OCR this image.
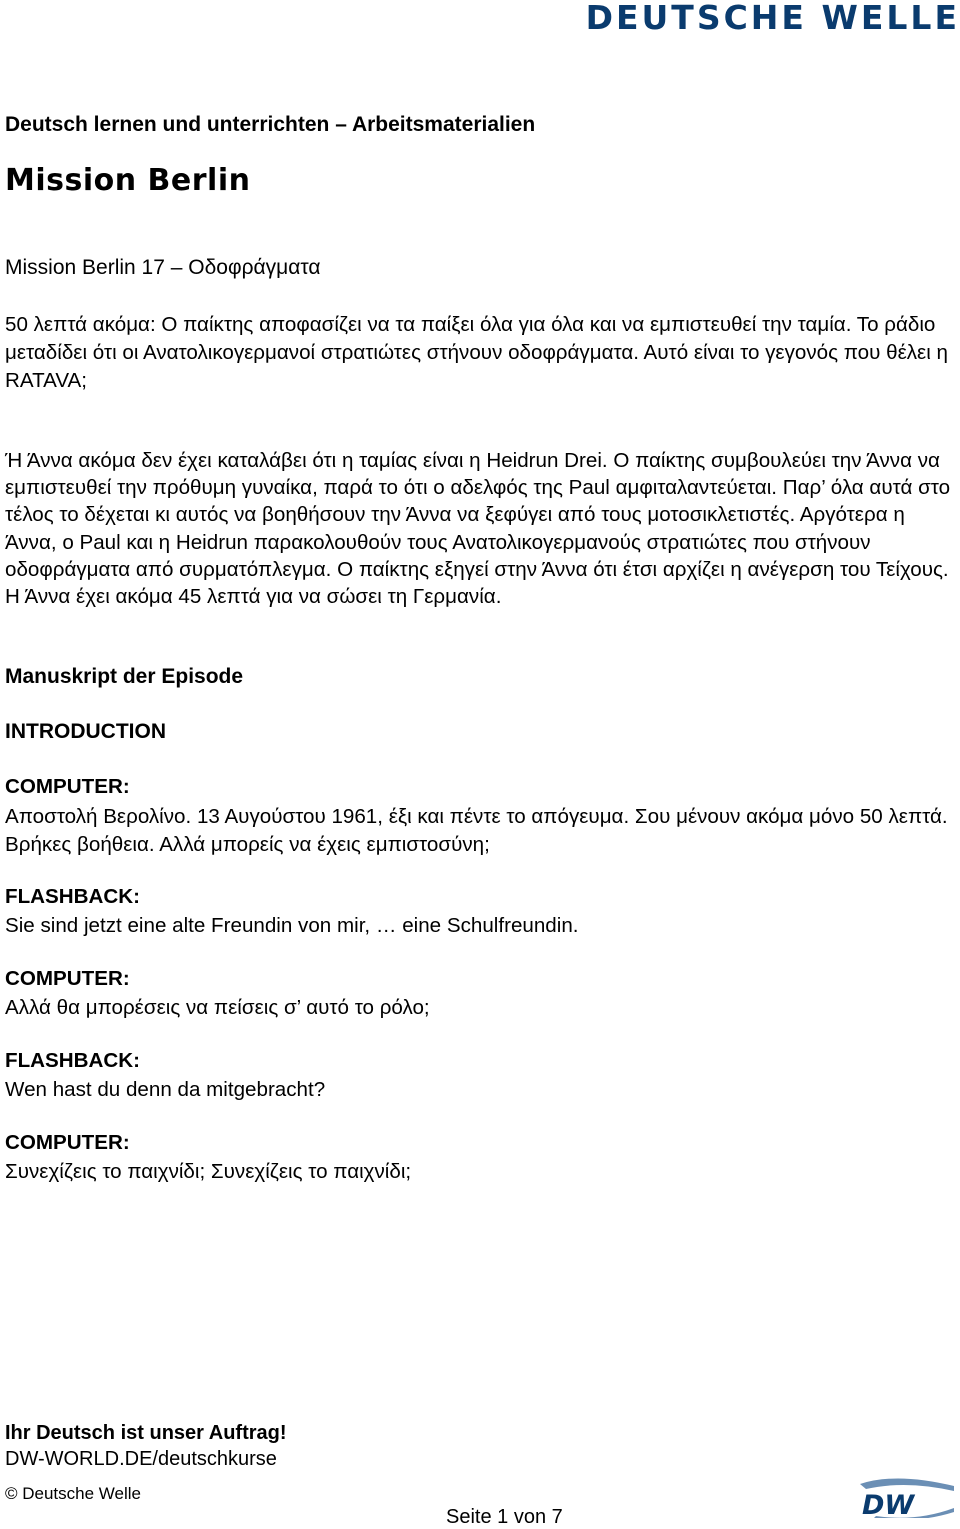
DEUTSCHE WELLE
Deutsch lernen und unterrichten – Arbeitsmaterialien
Mission Berlin
Mission Berlin 17 – Οδοφράγματα
50 λεπτά ακόμα: Ο παίκτης αποφασίζει να τα παίξει όλα για όλα και να εμπιστευθεί την ταμία. Το ράδιο μεταδίδει ότι οι Ανατολικογερμανοί στρατιώτες στήνουν οδοφράγματα. Αυτό είναι το γεγονός που θέλει η RATAVA;
Ή Άννα ακόμα δεν έχει καταλάβει ότι η ταμίας είναι η Heidrun Drei. Ο παίκτης συμβουλεύει την Άννα να εμπιστευθεί την πρόθυμη γυναίκα, παρά το ότι ο αδελφός της Paul αμφιταλαντεύεται. Παρ’ όλα αυτά στο τέλος το δέχεται κι αυτός να βοηθήσουν την Άννα να ξεφύγει από τους μοτοσικλετιστές. Αργότερα η Άννα, ο Paul και η Heidrun παρακολουθούν τους Ανατολικογερμανούς στρατιώτες που στήνουν οδοφράγματα από συρματόπλεγμα. Ο παίκτης εξηγεί στην Άννα ότι έτσι αρχίζει η ανέγερση του Τείχους. Η Άννα έχει ακόμα 45 λεπτά για να σώσει τη Γερμανία.
Manuskript der Episode
INTRODUCTION
COMPUTER:
Αποστολή Βερολίνο. 13 Αυγούστου 1961, έξι και πέντε το απόγευμα. Σου μένουν ακόμα μόνο 50 λεπτά. Βρήκες βοήθεια. Αλλά μπορείς να έχεις εμπιστοσύνη;
FLASHBACK:
Sie sind jetzt eine alte Freundin von mir, … eine Schulfreundin.
COMPUTER:
Αλλά θα μπορέσεις να πείσεις σ’ αυτό το ρόλο;
FLASHBACK:
Wen hast du denn da mitgebracht?
COMPUTER:
Συνεχίζεις το παιχνίδι; Συνεχίζεις το παιχνίδι;
Ihr Deutsch ist unser Auftrag!
DW-WORLD.DE/deutschkurse
© Deutsche Welle
Seite 1 von 7	DW
